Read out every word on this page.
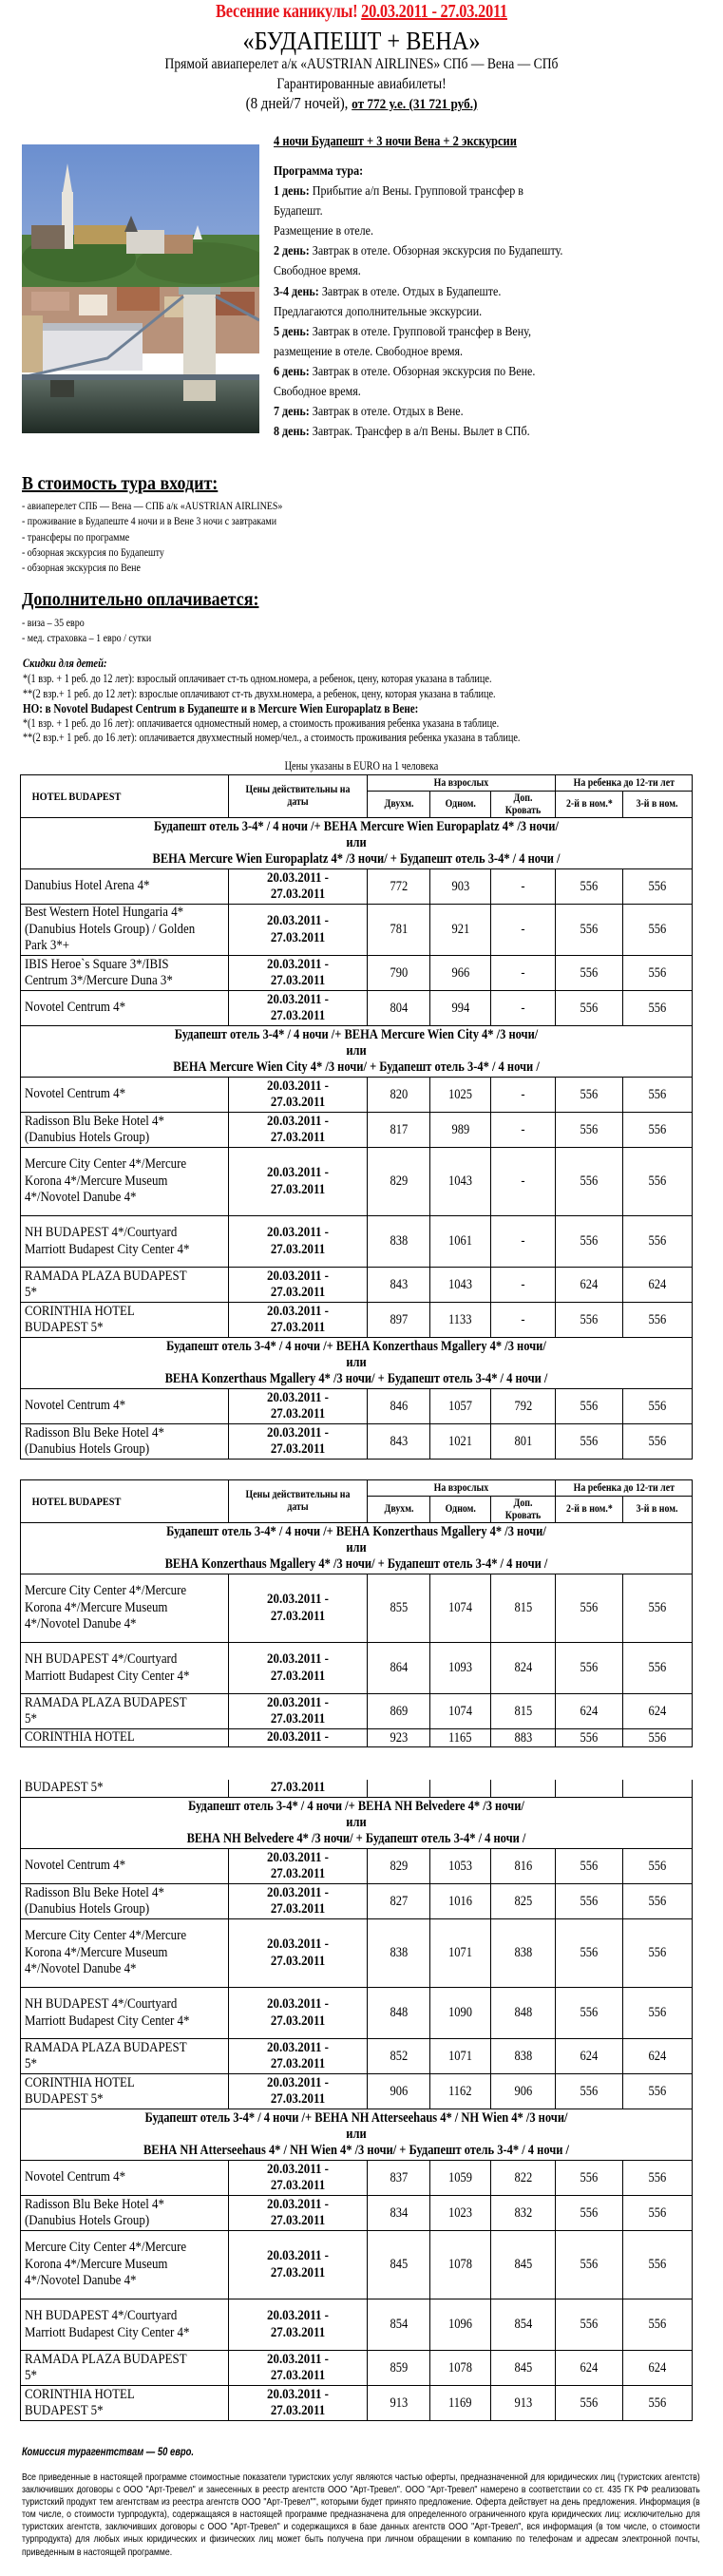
Весенние каникулы! 20.03.2011 - 27.03.2011
«БУДАПЕШТ + ВЕНА»
Прямой авиаперелет а/к «AUSTRIAN AIRLINES» СПб — Вена — СПб
Гарантированные авиабилеты!
(8 дней/7 ночей), от 772 у.е. (31 721 руб.)
4 ночи Будапешт + 3 ночи Вена + 2 экскурсии
Программа тура:
1 день: Прибытие а/п Вены. Групповой трансфер в
Будапешт.
Размещение в отеле.
2 день: Завтрак в отеле. Обзорная экскурсия по Будапешту.
Свободное время.
3-4 день: Завтрак в отеле. Отдых в Будапеште.
Предлагаются дополнительные экскурсии.
5 день: Завтрак в отеле. Групповой трансфер в Вену,
размещение в отеле. Свободное время.
6 день: Завтрак в отеле. Обзорная экскурсия по Вене.
Свободное время.
7 день: Завтрак в отеле. Отдых в Вене.
8 день: Завтрак. Трансфер в а/п Вены. Вылет в СПб.
В стоимость тура входит:
- авиаперелет СПБ — Вена — СПБ а/к «AUSTRIAN AIRLINES»
- проживание в Будапеште 4 ночи и в Вене 3 ночи с завтраками
- трансферы по программе
- обзорная экскурсия по Будапешту
- обзорная экскурсия по Вене
Дополнительно оплачивается:
- виза – 35 евро
- мед. страховка – 1 евро / сутки
Скидки для детей:
*(1 взр. + 1 реб. до 12 лет): взрослый оплачивает ст-ть одном.номера, а ребенок, цену, которая указана в таблице.
**(2 взр.+ 1 реб. до 12 лет): взрослые оплачивают ст-ть двухм.номера, а ребенок, цену, которая указана в таблице.
НО: в Novotel Budapest Centrum в Будапеште и в Mercure Wien Europaplatz в Вене:
*(1 взр. + 1 реб. до 16 лет): оплачивается одноместный номер, а стоимость проживания ребенка указана в таблице.
**(2 взр.+ 1 реб. до 16 лет): оплачивается двухместный номер/чел., а стоимость проживания ребенка указана в таблице.
Цены указаны в EURO на 1 человека
HOTEL BUDAPEST	Цены действительны на даты	На взрослых			На ребенка до 12-ти лет	
		Двухм.	Одном.	Доп. Кровать	2-й в ном.*	3-й в ном.

Будапешт отель 3-4* / 4 ночи /+ ВЕНА Mercure Wien Europaplatz 4* /3 ночи/
или
ВЕНА Mercure Wien Europaplatz 4* /3 ночи/ + Будапешт отель 3-4* / 4 ночи /						

Danubius Hotel Arena 4*	20.03.2011 -
27.03.2011	772	903	-	556	556
Best Western Hotel Hungaria 4* (Danubius Hotels Group) / Golden Park 3*+	20.03.2011 -
27.03.2011	781	921	-	556	556
IBIS Heroe`s Square 3*/IBIS Centrum 3*/Mercure Duna 3*	20.03.2011 -
27.03.2011	790	966	-	556	556
Novotel Centrum 4*	20.03.2011 -
27.03.2011	804	994	-	556	556

Будапешт отель 3-4* / 4 ночи /+ ВЕНА Mercure Wien City 4* /3 ночи/
или
ВЕНА Mercure Wien City 4* /3 ночи/ + Будапешт отель 3-4* / 4 ночи /						

Novotel Centrum 4*	20.03.2011 -
27.03.2011	820	1025	-	556	556
Radisson Blu Beke Hotel 4* (Danubius Hotels Group)	20.03.2011 -
27.03.2011	817	989	-	556	556
Mercure City Center 4*/Mercure Korona 4*/Mercure Museum 4*/Novotel Danube 4*	20.03.2011 -
27.03.2011	829	1043	-	556	556
NH BUDAPEST 4*/Courtyard Marriott Budapest City Center 4*	20.03.2011 -
27.03.2011	838	1061	-	556	556
RAMADA PLAZA BUDAPEST 5*	20.03.2011 -
27.03.2011	843	1043	-	624	624
CORINTHIA HOTEL BUDAPEST 5*	20.03.2011 -
27.03.2011	897	1133	-	556	556

Будапешт отель 3-4* / 4 ночи /+ ВЕНА Konzerthaus Mgallery 4* /3 ночи/
или
ВЕНА Konzerthaus Mgallery 4* /3 ночи/ + Будапешт отель 3-4* / 4 ночи /						

Novotel Centrum 4*	20.03.2011 -
27.03.2011	846	1057	792	556	556
Radisson Blu Beke Hotel 4* (Danubius Hotels Group)	20.03.2011 -
27.03.2011	843	1021	801	556	556
HOTEL BUDAPEST	Цены действительны на даты	На взрослых			На ребенка до 12-ти лет	
		Двухм.	Одном.	Доп. Кровать	2-й в ном.*	3-й в ном.

Будапешт отель 3-4* / 4 ночи /+ ВЕНА Konzerthaus Mgallery 4* /3 ночи/
или
ВЕНА Konzerthaus Mgallery 4* /3 ночи/ + Будапешт отель 3-4* / 4 ночи /						

Mercure City Center 4*/Mercure Korona 4*/Mercure Museum 4*/Novotel Danube 4*	20.03.2011 -
27.03.2011	855	1074	815	556	556
NH BUDAPEST 4*/Courtyard Marriott Budapest City Center 4*	20.03.2011 -
27.03.2011	864	1093	824	556	556
RAMADA PLAZA BUDAPEST 5*	20.03.2011 -
27.03.2011	869	1074	815	624	624
CORINTHIA HOTEL	20.03.2011 -	923	1165	883	556	556
BUDAPEST 5*	27.03.2011					

Будапешт отель 3-4* / 4 ночи /+ ВЕНА NH Belvedere 4* /3 ночи/
или
ВЕНА NH Belvedere 4* /3 ночи/ + Будапешт отель 3-4* / 4 ночи /						

Novotel Centrum 4*	20.03.2011 -
27.03.2011	829	1053	816	556	556
Radisson Blu Beke Hotel 4* (Danubius Hotels Group)	20.03.2011 -
27.03.2011	827	1016	825	556	556
Mercure City Center 4*/Mercure Korona 4*/Mercure Museum 4*/Novotel Danube 4*	20.03.2011 -
27.03.2011	838	1071	838	556	556
NH BUDAPEST 4*/Courtyard Marriott Budapest City Center 4*	20.03.2011 -
27.03.2011	848	1090	848	556	556
RAMADA PLAZA BUDAPEST 5*	20.03.2011 -
27.03.2011	852	1071	838	624	624
CORINTHIA HOTEL BUDAPEST 5*	20.03.2011 -
27.03.2011	906	1162	906	556	556

Будапешт отель 3-4* / 4 ночи /+ ВЕНА NH Atterseehaus 4* / NH Wien 4* /3 ночи/
или
ВЕНА NH Atterseehaus 4* / NH Wien 4* /3 ночи/ + Будапешт отель 3-4* / 4 ночи /						

Novotel Centrum 4*	20.03.2011 -
27.03.2011	837	1059	822	556	556
Radisson Blu Beke Hotel 4* (Danubius Hotels Group)	20.03.2011 -
27.03.2011	834	1023	832	556	556
Mercure City Center 4*/Mercure Korona 4*/Mercure Museum 4*/Novotel Danube 4*	20.03.2011 -
27.03.2011	845	1078	845	556	556
NH BUDAPEST 4*/Courtyard Marriott Budapest City Center 4*	20.03.2011 -
27.03.2011	854	1096	854	556	556
RAMADA PLAZA BUDAPEST 5*	20.03.2011 -
27.03.2011	859	1078	845	624	624
CORINTHIA HOTEL BUDAPEST 5*	20.03.2011 -
27.03.2011	913	1169	913	556	556
Комиссия турагентствам — 50 евро.
Все приведенные в настоящей программе стоимостные показатели туристских услуг являются частью оферты, предназначенной для юридических лиц (туристских агентств) заключивших договоры с ООО "Арт-Тревел" и занесенных в реестр агентств ООО "Арт-Тревел". ООО "Арт-Тревел" намерено в соответствии со ст. 435 ГК РФ реализовать туристский продукт тем агентствам из реестра агентств ООО "Арт-Тревел"", которыми будет принято предложение. Оферта действует на день предложения. Информация (в том числе, о стоимости турпродукта), содержащаяся в настоящей программе предназначена для определенного ограниченного круга юридических лиц: исключительно для туристских агентств, заключивших договоры с ООО "Арт-Тревел" и содержащихся в базе данных агентств ООО "Арт-Тревел", вся информация (в том числе, о стоимости турпродукта) для любых иных юридических и физических лиц может быть получена при личном обращении в компанию по телефонам и адресам электронной почты, приведенным в настоящей программе.
